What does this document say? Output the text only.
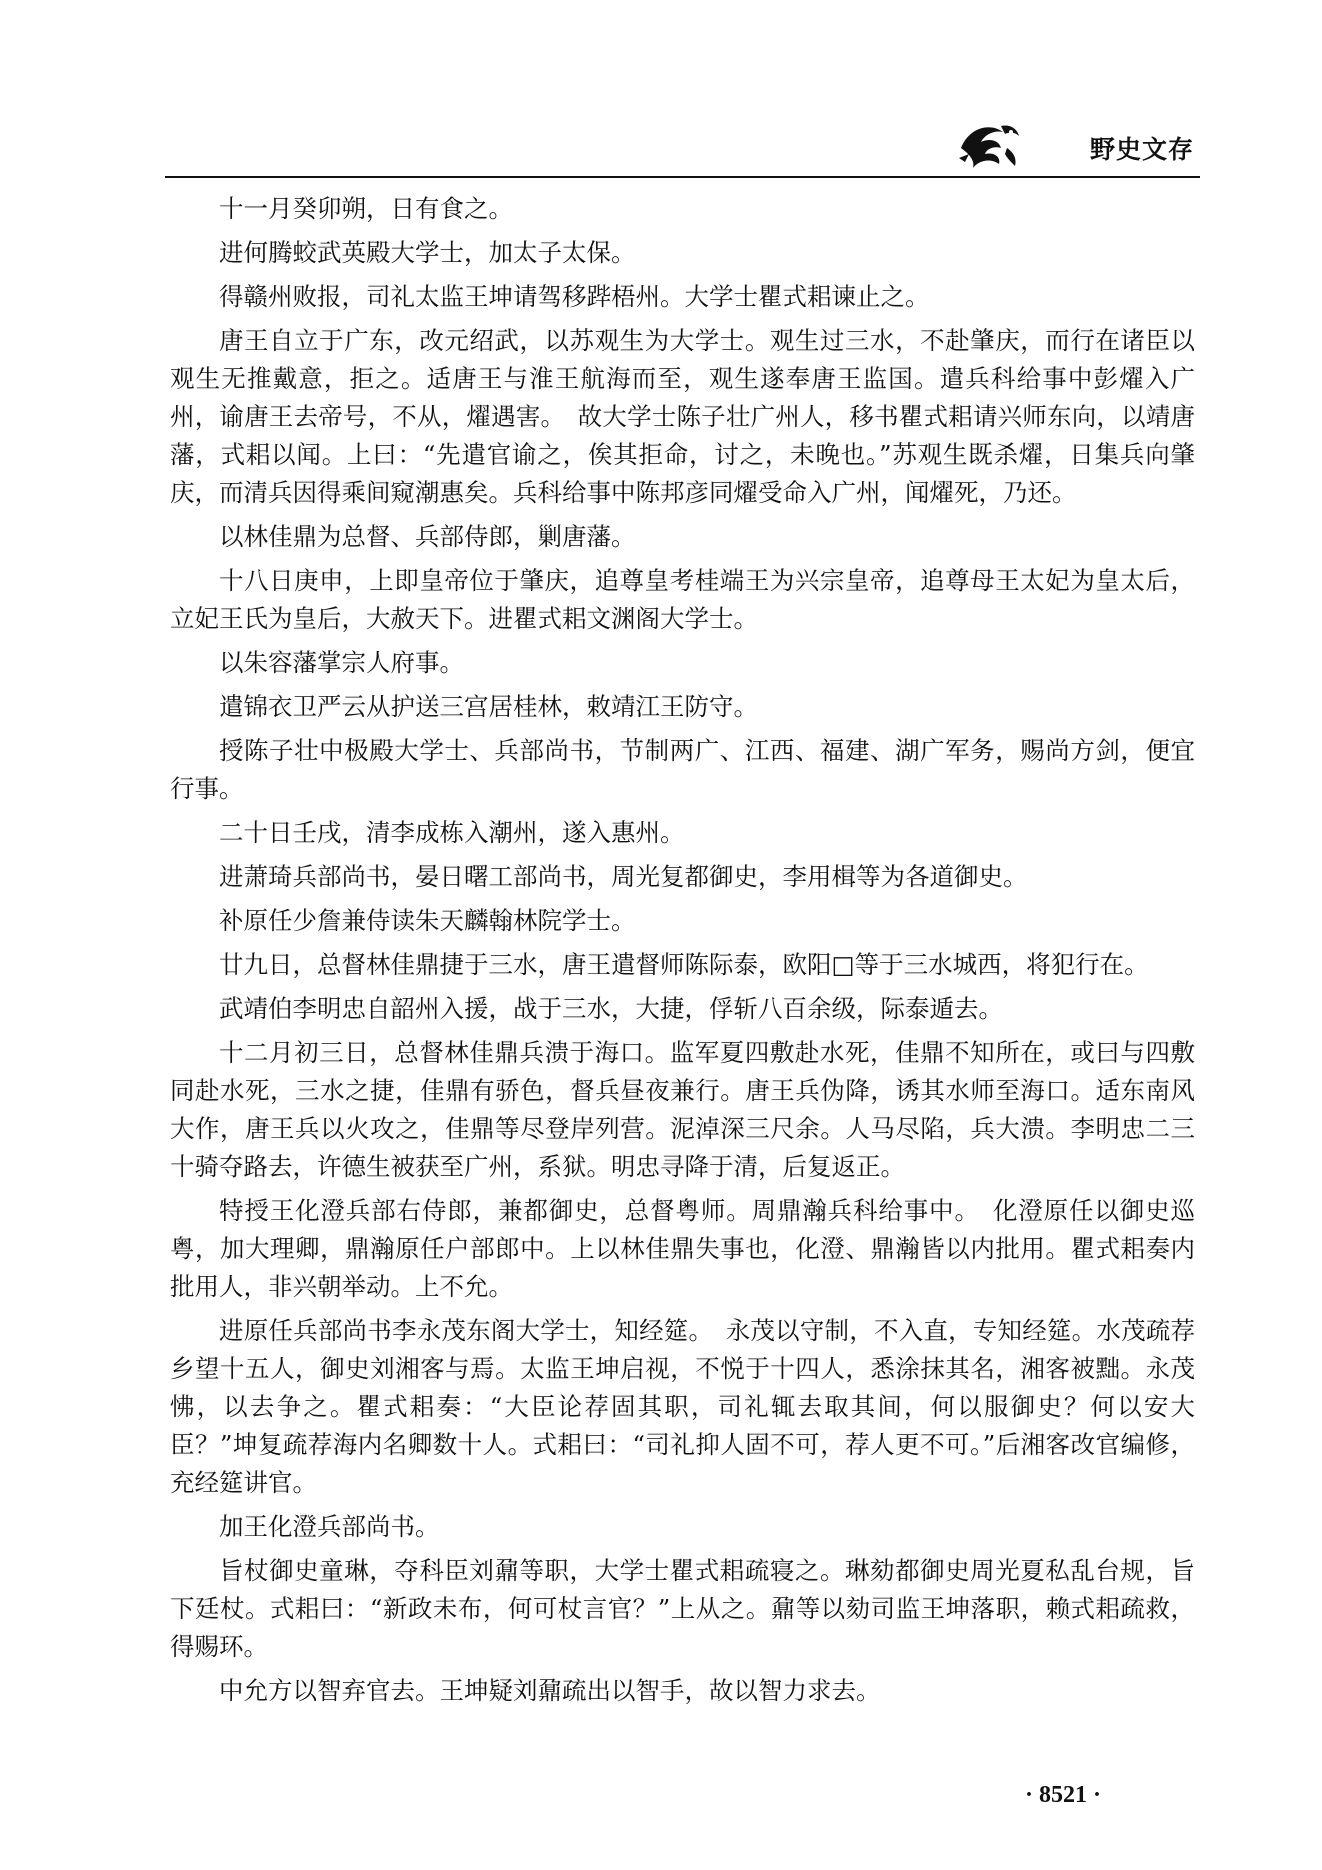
野史文存

十一月癸卯朔，日有食之。

进何腾蛟武英殿大学士，加太子太保。

得赣州败报，司礼太监王坤请驾移跸梧州。大学士瞿式耜谏止之。

唐王自立于广东，改元绍武，以苏观生为大学士。观生过三水，不赴肇庆，而行在诸臣以观生无推戴意，拒之。适唐王与淮王航海而至，观生遂奉唐王监国。遣兵科给事中彭燿入广州，谕唐王去帝号，不从，燿遇害。　故大学士陈子壮广州人，移书瞿式耜请兴师东向，以靖唐藩，式耜以闻。上曰：“先遣官谕之，俟其拒命，讨之，未晚也。”苏观生既杀燿，日集兵向肇庆，而清兵因得乘间窥潮惠矣。兵科给事中陈邦彦同燿受命入广州，闻燿死，乃还。

以林佳鼎为总督、兵部侍郎，剿唐藩。

十八日庚申，上即皇帝位于肇庆，追尊皇考桂端王为兴宗皇帝，追尊母王太妃为皇太后，立妃王氏为皇后，大赦天下。进瞿式耜文渊阁大学士。

以朱容藩掌宗人府事。

遣锦衣卫严云从护送三宫居桂林，敕靖江王防守。

授陈子壮中极殿大学士、兵部尚书，节制两广、江西、福建、湖广军务，赐尚方剑，便宜行事。

二十日壬戌，清李成栋入潮州，遂入惠州。

进萧琦兵部尚书，晏日曙工部尚书，周光复都御史，李用楫等为各道御史。

补原任少詹兼侍读朱天麟翰林院学士。

廿九日，总督林佳鼎捷于三水，唐王遣督师陈际泰，欧阳□等于三水城西，将犯行在。

武靖伯李明忠自韶州入援，战于三水，大捷，俘斩八百余级，际泰遁去。

十二月初三日，总督林佳鼎兵溃于海口。监军夏四敷赴水死，佳鼎不知所在，或曰与四敷同赴水死，三水之捷，佳鼎有骄色，督兵昼夜兼行。唐王兵伪降，诱其水师至海口。适东南风大作，唐王兵以火攻之，佳鼎等尽登岸列营。泥淖深三尺余。人马尽陷，兵大溃。李明忠二三十骑夺路去，许德生被获至广州，系狱。明忠寻降于清，后复返正。

特授王化澄兵部右侍郎，兼都御史，总督粤师。周鼎瀚兵科给事中。　化澄原任以御史巡粤，加大理卿，鼎瀚原任户部郎中。上以林佳鼎失事也，化澄、鼎瀚皆以内批用。瞿式耜奏内批用人，非兴朝举动。上不允。

进原任兵部尚书李永茂东阁大学士，知经筵。　永茂以守制，不入直，专知经筵。水茂疏荐乡望十五人，御史刘湘客与焉。太监王坤启视，不悦于十四人，悉涂抹其名，湘客被黜。永茂怫，以去争之。瞿式耜奏：“大臣论荐固其职，司礼辄去取其间，何以服御史？何以安大臣？”坤复疏荐海内名卿数十人。式耜曰：“司礼抑人固不可，荐人更不可。”后湘客改官编修，充经筵讲官。

加王化澄兵部尚书。

旨杖御史童琳，夺科臣刘鼐等职，大学士瞿式耜疏寝之。琳劾都御史周光夏私乱台规，旨下廷杖。式耜曰：“新政未布，何可杖言官？”上从之。鼐等以劾司监王坤落职，赖式耜疏救，得赐环。

中允方以智弃官去。王坤疑刘鼐疏出以智手，故以智力求去。

· 8521 ·
